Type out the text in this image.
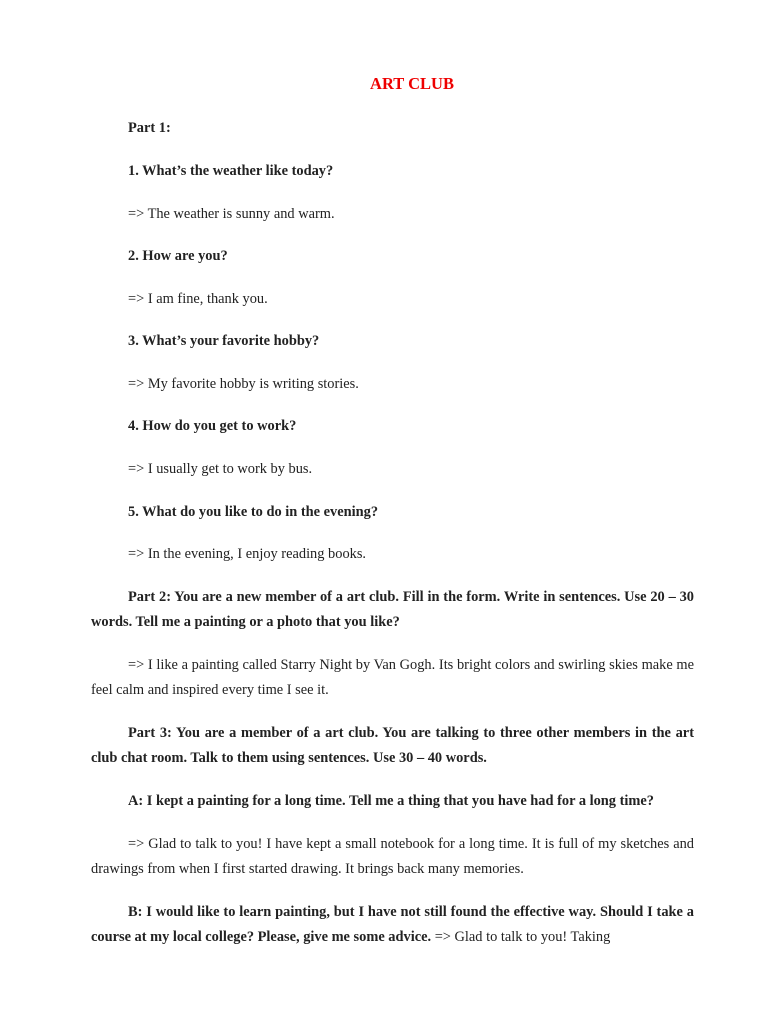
ART CLUB

Part 1:

1. What’s the weather like today?

=> The weather is sunny and warm.

2. How are you?

=> I am fine, thank you.

3. What’s your favorite hobby?

=> My favorite hobby is writing stories.

4. How do you get to work?

=> I usually get to work by bus.

5. What do you like to do in the evening?

=> In the evening, I enjoy reading books.

Part 2: You are a new member of a art club. Fill in the form. Write in sentences. Use 20 – 30 words. Tell me a painting or a photo that you like?

=> I like a painting called Starry Night by Van Gogh. Its bright colors and swirling skies make me feel calm and inspired every time I see it.

Part 3: You are a member of a art club. You are talking to three other members in the art club chat room. Talk to them using sentences. Use 30 – 40 words.

A: I kept a painting for a long time. Tell me a thing that you have had for a long time?

=> Glad to talk to you! I have kept a small notebook for a long time. It is full of my sketches and drawings from when I first started drawing. It brings back many memories.

B: I would like to learn painting, but I have not still found the effective way. Should I take a course at my local college? Please, give me some advice. => Glad to talk to you! Taking
